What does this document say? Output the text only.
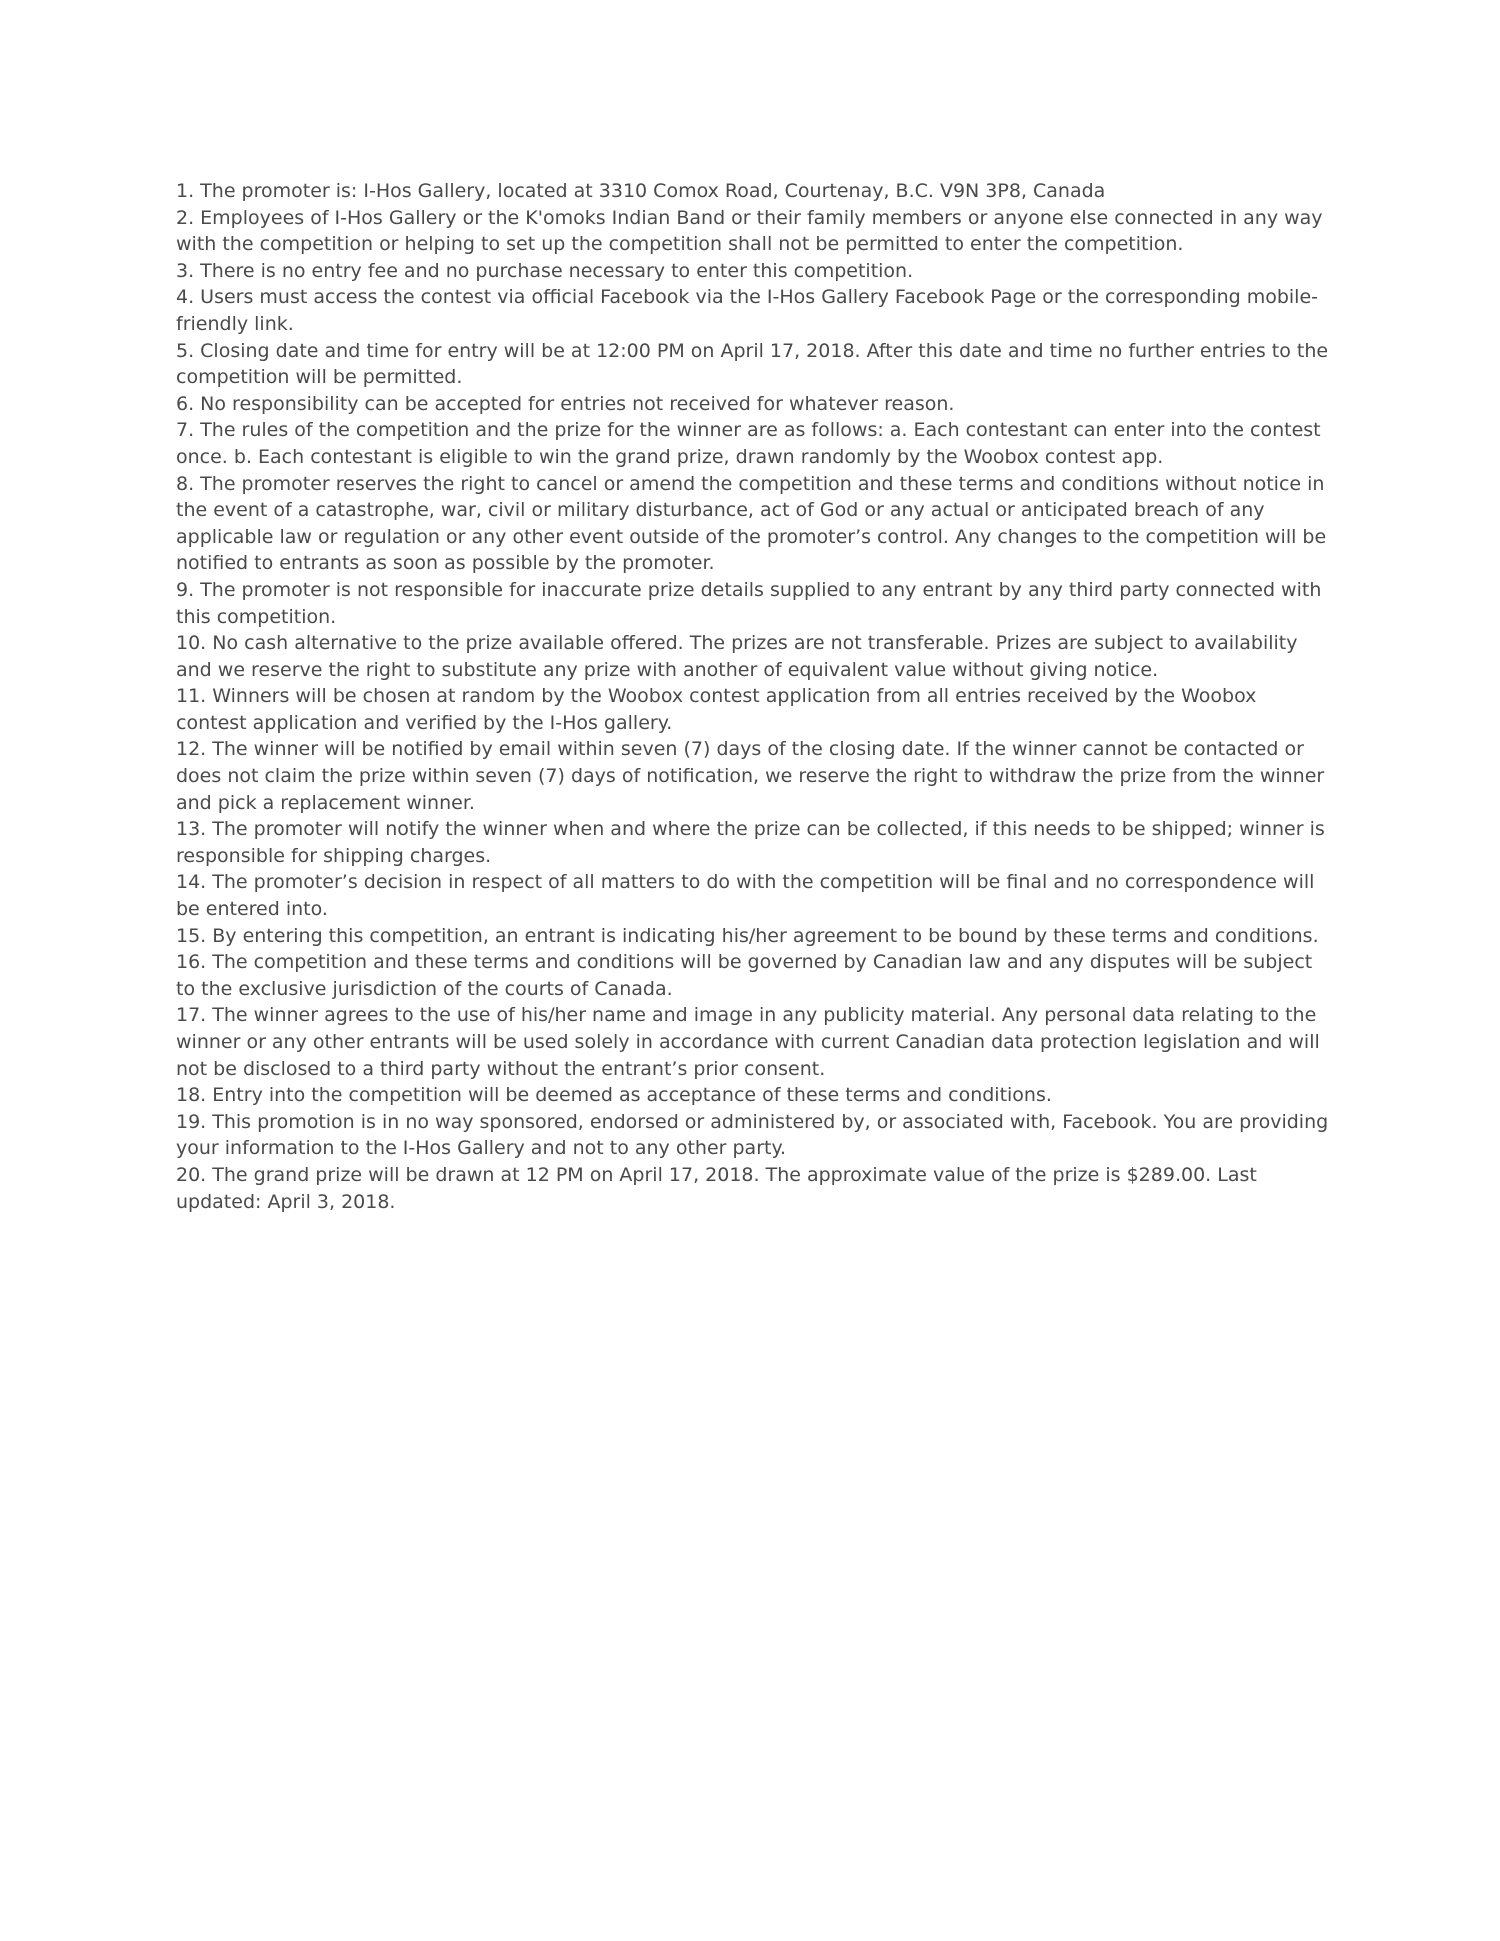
1. The promoter is: I-Hos Gallery, located at 3310 Comox Road, Courtenay, B.C. V9N 3P8, Canada

2. Employees of I-Hos Gallery or the K'omoks Indian Band or their family members or anyone else connected in any way with the competition or helping to set up the competition shall not be permitted to enter the competition.

3. There is no entry fee and no purchase necessary to enter this competition.

4. Users must access the contest via official Facebook via the I-Hos Gallery Facebook Page or the corresponding mobile-friendly link.

5. Closing date and time for entry will be at 12:00 PM on April 17, 2018. After this date and time no further entries to the competition will be permitted.

6. No responsibility can be accepted for entries not received for whatever reason.

7. The rules of the competition and the prize for the winner are as follows: a. Each contestant can enter into the contest once. b. Each contestant is eligible to win the grand prize, drawn randomly by the Woobox contest app.

8. The promoter reserves the right to cancel or amend the competition and these terms and conditions without notice in the event of a catastrophe, war, civil or military disturbance, act of God or any actual or anticipated breach of any applicable law or regulation or any other event outside of the promoter’s control. Any changes to the competition will be notified to entrants as soon as possible by the promoter.

9. The promoter is not responsible for inaccurate prize details supplied to any entrant by any third party connected with this competition.

10. No cash alternative to the prize available offered. The prizes are not transferable. Prizes are subject to availability and we reserve the right to substitute any prize with another of equivalent value without giving notice.

11. Winners will be chosen at random by the Woobox contest application from all entries received by the Woobox contest application and verified by the I-Hos gallery.

12. The winner will be notified by email within seven (7) days of the closing date. If the winner cannot be contacted or does not claim the prize within seven (7) days of notification, we reserve the right to withdraw the prize from the winner and pick a replacement winner.

13. The promoter will notify the winner when and where the prize can be collected, if this needs to be shipped; winner is responsible for shipping charges.

14. The promoter’s decision in respect of all matters to do with the competition will be final and no correspondence will be entered into.

15. By entering this competition, an entrant is indicating his/her agreement to be bound by these terms and conditions.

16. The competition and these terms and conditions will be governed by Canadian law and any disputes will be subject to the exclusive jurisdiction of the courts of Canada.

17. The winner agrees to the use of his/her name and image in any publicity material. Any personal data relating to the winner or any other entrants will be used solely in accordance with current Canadian data protection legislation and will not be disclosed to a third party without the entrant’s prior consent.

18. Entry into the competition will be deemed as acceptance of these terms and conditions.

19. This promotion is in no way sponsored, endorsed or administered by, or associated with, Facebook. You are providing your information to the I-Hos Gallery and not to any other party.

20. The grand prize will be drawn at 12 PM on April 17, 2018. The approximate value of the prize is $289.00. Last updated: April 3, 2018.
